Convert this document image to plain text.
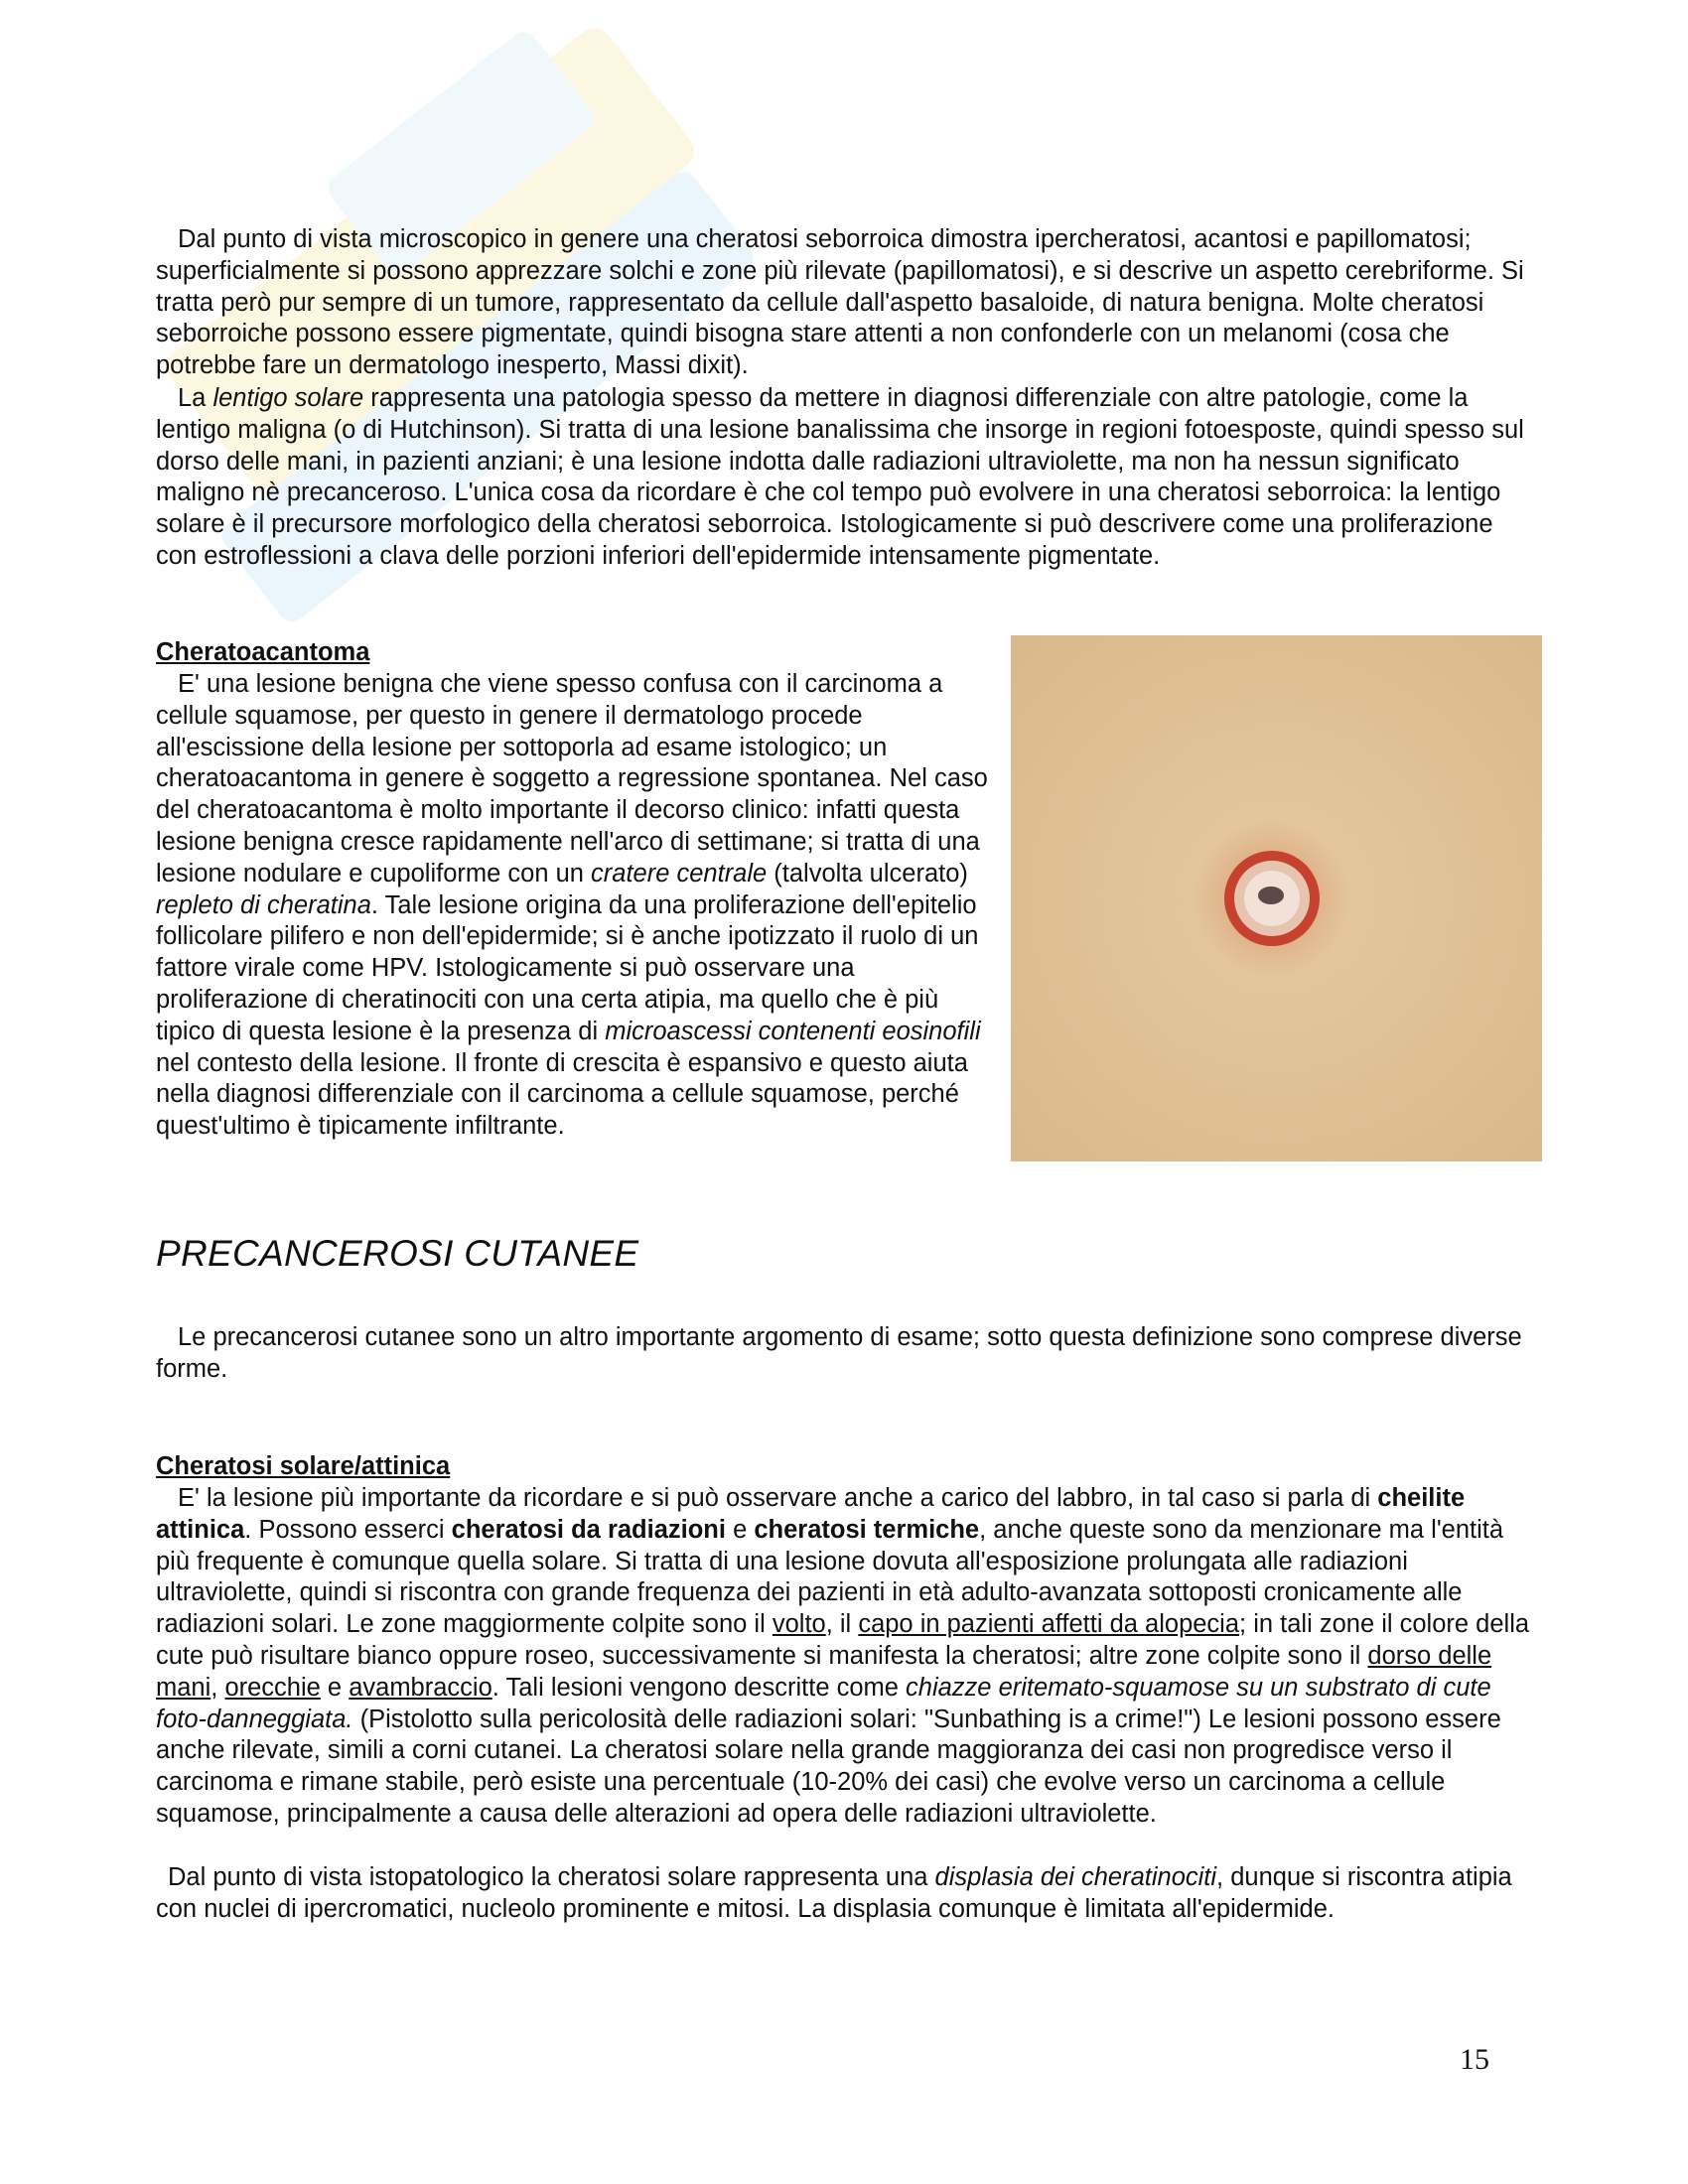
Dal punto di vista microscopico in genere una cheratosi seborroica dimostra ipercheratosi, acantosi e papillomatosi; superficialmente si possono apprezzare solchi e zone più rilevate (papillomatosi), e si descrive un aspetto cerebriforme. Si tratta però pur sempre di un tumore, rappresentato da cellule dall'aspetto basaloide, di natura benigna. Molte cheratosi seborroiche possono essere pigmentate, quindi bisogna stare attenti a non confonderle con un melanomi (cosa che potrebbe fare un dermatologo inesperto, Massi dixit).

La lentigo solare rappresenta una patologia spesso da mettere in diagnosi differenziale con altre patologie, come la lentigo maligna (o di Hutchinson). Si tratta di una lesione banalissima che insorge in regioni fotoesposte, quindi spesso sul dorso delle mani, in pazienti anziani; è una lesione indotta dalle radiazioni ultraviolette, ma non ha nessun significato maligno nè precanceroso. L'unica cosa da ricordare è che col tempo può evolvere in una cheratosi seborroica: la lentigo solare è il precursore morfologico della cheratosi seborroica. Istologicamente si può descrivere come una proliferazione con estroflessioni a clava delle porzioni inferiori dell'epidermide intensamente pigmentate.

Cheratoacantoma

E' una lesione benigna che viene spesso confusa con il carcinoma a cellule squamose, per questo in genere il dermatologo procede all'escissione della lesione per sottoporla ad esame istologico; un cheratoacantoma in genere è soggetto a regressione spontanea. Nel caso del cheratoacantoma è molto importante il decorso clinico: infatti questa lesione benigna cresce rapidamente nell'arco di settimane; si tratta di una lesione nodulare e cupoliforme con un cratere centrale (talvolta ulcerato) repleto di cheratina. Tale lesione origina da una proliferazione dell'epitelio follicolare pilifero e non dell'epidermide; si è anche ipotizzato il ruolo di un fattore virale come HPV. Istologicamente si può osservare una proliferazione di cheratinociti con una certa atipia, ma quello che è più tipico di questa lesione è la presenza di microascessi contenenti eosinofili nel contesto della lesione. Il fronte di crescita è espansivo e questo aiuta nella diagnosi differenziale con il carcinoma a cellule squamose, perché quest'ultimo è tipicamente infiltrante.

PRECANCEROSI CUTANEE

Le precancerosi cutanee sono un altro importante argomento di esame; sotto questa definizione sono comprese diverse forme.

Cheratosi solare/attinica

E' la lesione più importante da ricordare e si può osservare anche a carico del labbro, in tal caso si parla di cheilite attinica. Possono esserci cheratosi da radiazioni e cheratosi termiche, anche queste sono da menzionare ma l'entità più frequente è comunque quella solare. Si tratta di una lesione dovuta all'esposizione prolungata alle radiazioni ultraviolette, quindi si riscontra con grande frequenza dei pazienti in età adulto-avanzata sottoposti cronicamente alle radiazioni solari. Le zone maggiormente colpite sono il volto, il capo in pazienti affetti da alopecia; in tali zone il colore della cute può risultare bianco oppure roseo, successivamente si manifesta la cheratosi; altre zone colpite sono il dorso delle mani, orecchie e avambraccio. Tali lesioni vengono descritte come chiazze eritemato-squamose su un substrato di cute foto-danneggiata. (Pistolotto sulla pericolosità delle radiazioni solari: "Sunbathing is a crime!") Le lesioni possono essere anche rilevate, simili a corni cutanei. La cheratosi solare nella grande maggioranza dei casi non progredisce verso il carcinoma e rimane stabile, però esiste una percentuale (10-20% dei casi) che evolve verso un carcinoma a cellule squamose, principalmente a causa delle alterazioni ad opera delle radiazioni ultraviolette.

Dal punto di vista istopatologico la cheratosi solare rappresenta una displasia dei cheratinociti, dunque si riscontra atipia con nuclei di ipercromatici, nucleolo prominente e mitosi. La displasia comunque è limitata all'epidermide.

15
